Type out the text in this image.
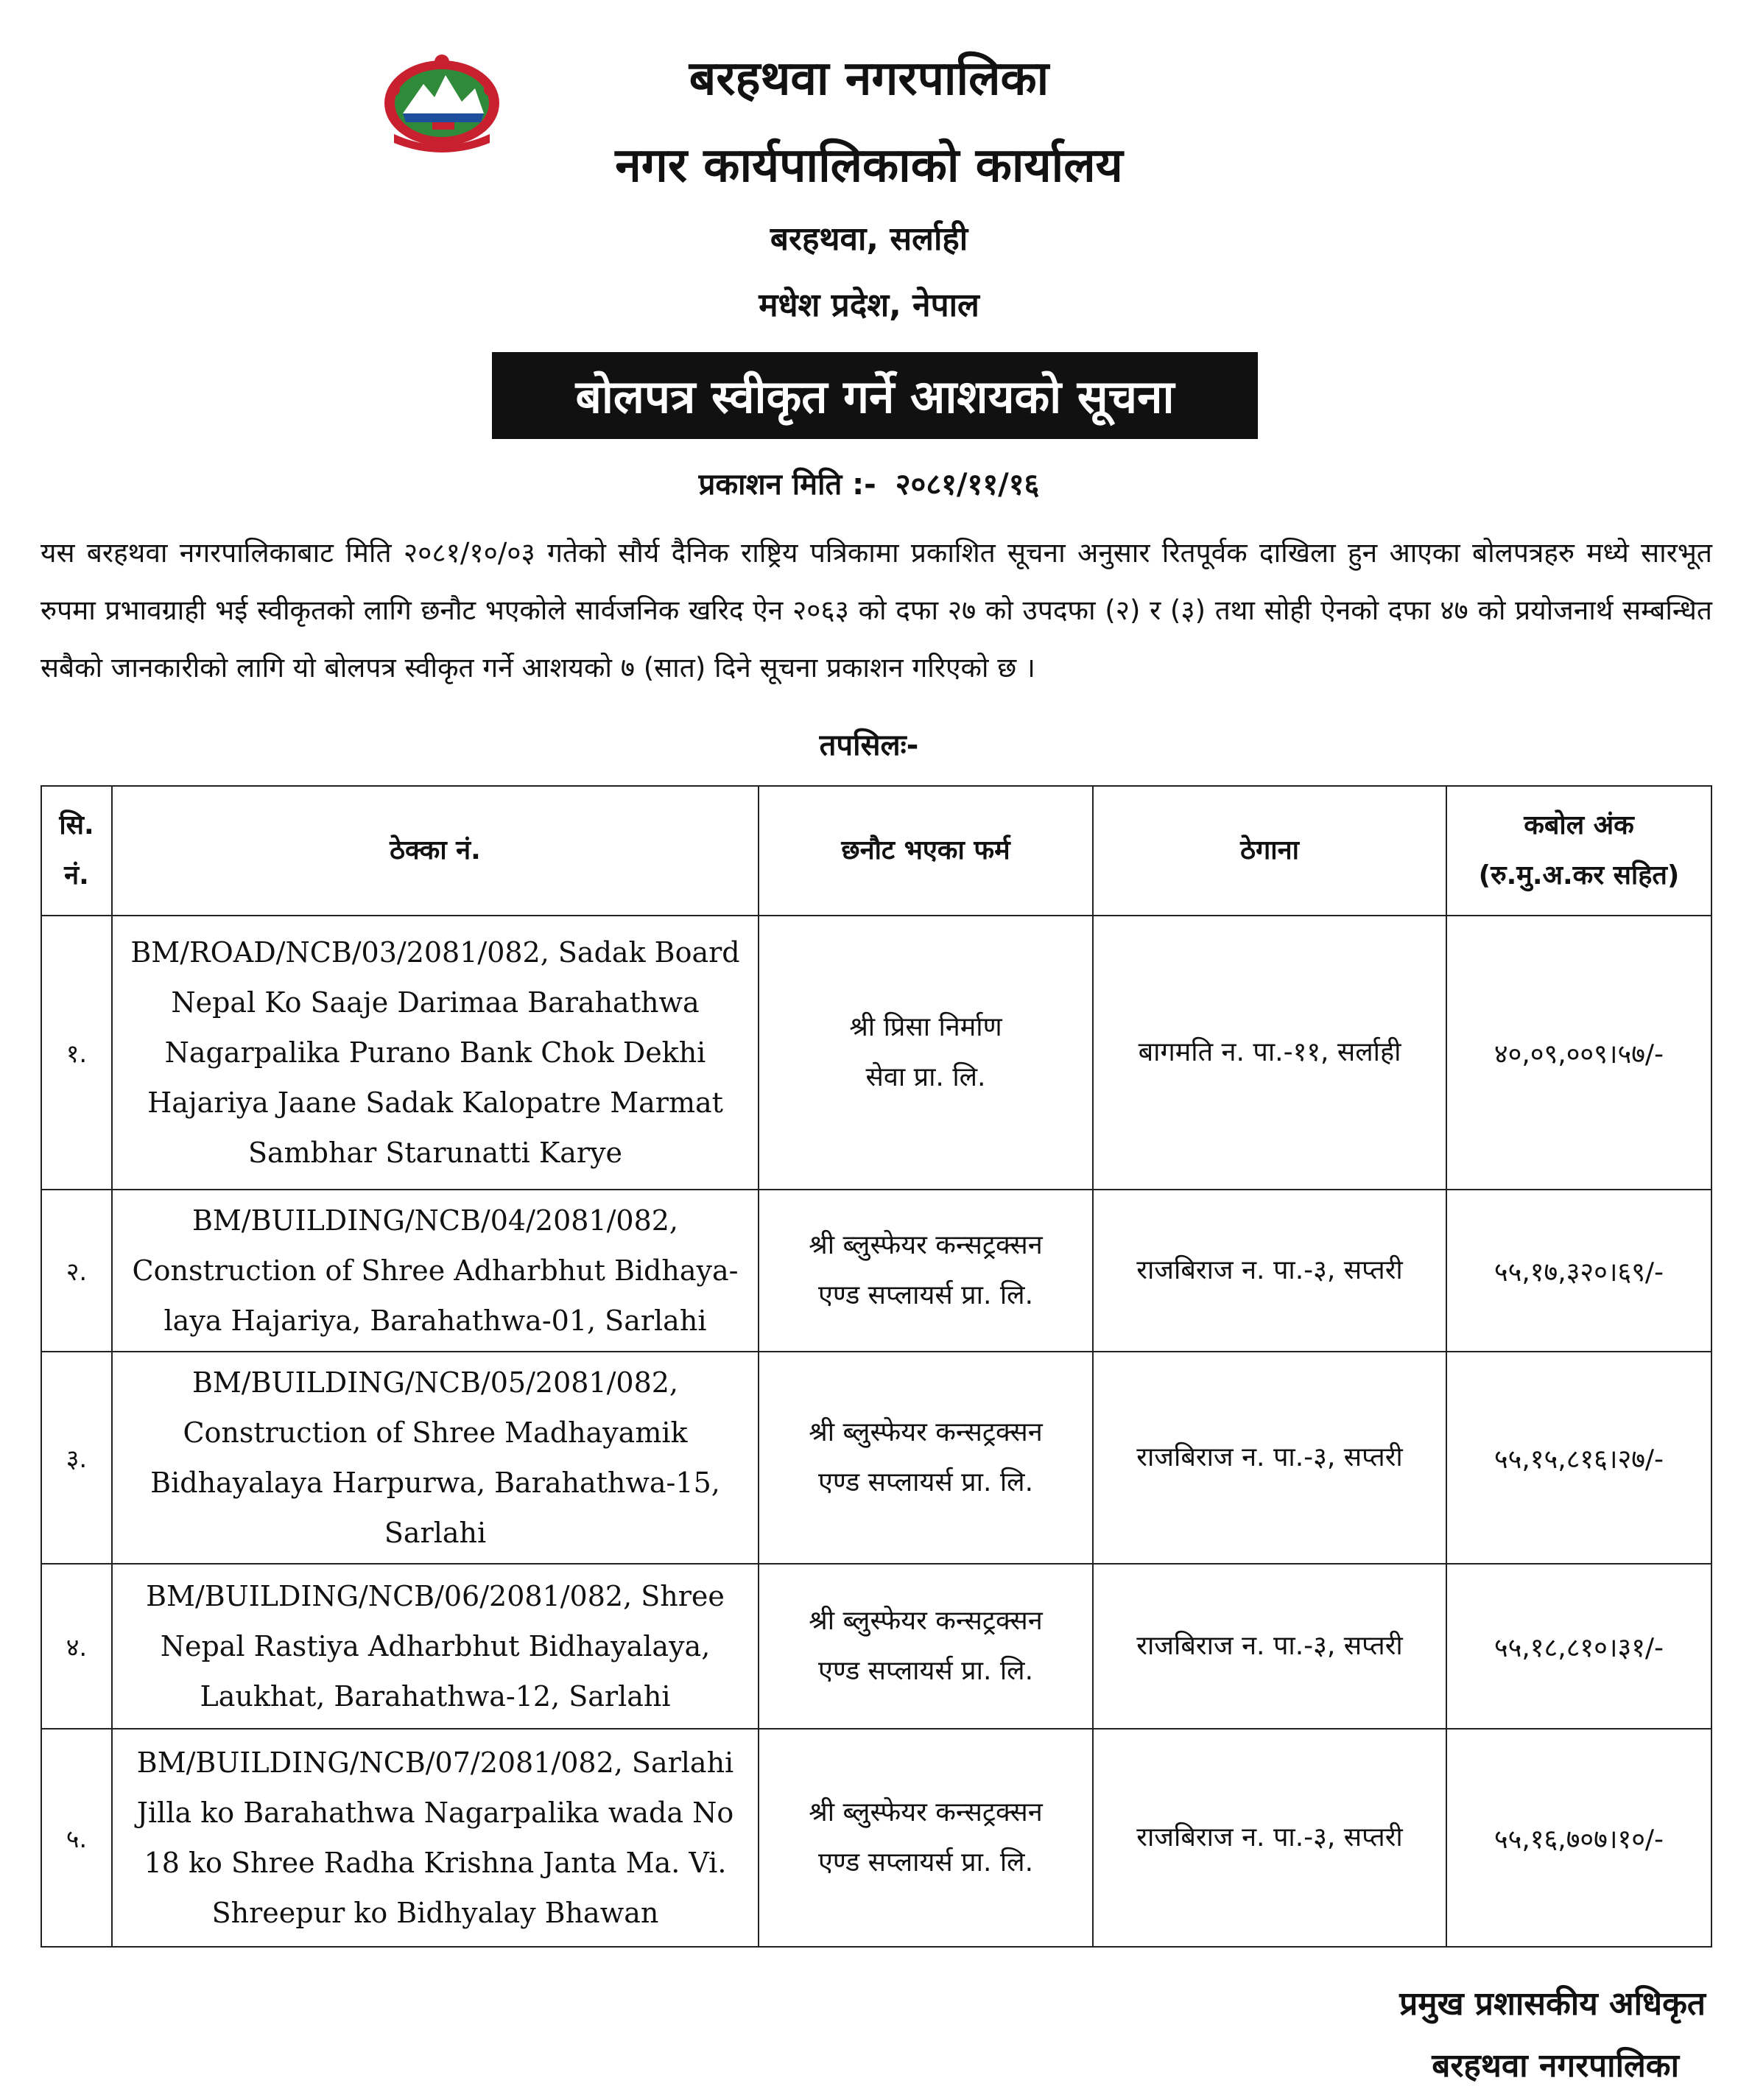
बरहथवा नगरपालिका
नगर कार्यपालिकाको कार्यालय
बरहथवा, सर्लाही
मधेश प्रदेश, नेपाल
बोलपत्र स्वीकृत गर्ने आशयको सूचना
प्रकाशन मिति :- २०८१/११/१६
यस बरहथवा नगरपालिकाबाट मिति २०८१/१०/०३ गतेको सौर्य दैनिक राष्ट्रिय पत्रिकामा प्रकाशित सूचना अनुसार रितपूर्वक दाखिला हुन आएका बोलपत्रहरु मध्ये सारभूत रुपमा प्रभावग्राही भई स्वीकृतको लागि छनौट भएकोले सार्वजनिक खरिद ऐन २०६३ को दफा २७ को उपदफा (२) र (३) तथा सोही ऐनको दफा ४७ को प्रयोजनार्थ सम्बन्धित सबैको जानकारीको लागि यो बोलपत्र स्वीकृत गर्ने आशयको ७ (सात) दिने सूचना प्रकाशन गरिएको छ ।
तपसिलः-
सि.
नं.	ठेक्का नं.	छनौट भएका फर्म	ठेगाना	कबोल अंक
(रु.मु.अ.कर सहित)

१.	BM/ROAD/NCB/03/2081/082, Sadak Board Nepal Ko Saaje Darimaa Barahathwa Nagarpalika Purano Bank Chok Dekhi Hajariya Jaane Sadak Kalopatre Marmat Sambhar Starunatti Karye	श्री प्रिसा निर्माण
सेवा प्रा. लि.	बागमति न. पा.-११, सर्लाही	४०,०९,००९।५७/-
२.	BM/BUILDING/NCB/04/2081/082, Construction of Shree Adharbhut Bidhaya-laya Hajariya, Barahathwa-01, Sarlahi	श्री ब्लुस्फेयर कन्सट्रक्सन
एण्ड सप्लायर्स प्रा. लि.	राजबिराज न. पा.-३, सप्तरी	५५,१७,३२०।६९/-
३.	BM/BUILDING/NCB/05/2081/082, Construction of Shree Madhayamik Bidhayalaya Harpurwa, Barahathwa-15, Sarlahi	श्री ब्लुस्फेयर कन्सट्रक्सन
एण्ड सप्लायर्स प्रा. लि.	राजबिराज न. पा.-३, सप्तरी	५५,१५,८१६।२७/-
४.	BM/BUILDING/NCB/06/2081/082, Shree Nepal Rastiya Adharbhut Bidhayalaya, Laukhat, Barahathwa-12, Sarlahi	श्री ब्लुस्फेयर कन्सट्रक्सन
एण्ड सप्लायर्स प्रा. लि.	राजबिराज न. पा.-३, सप्तरी	५५,१८,८१०।३१/-
५.	BM/BUILDING/NCB/07/2081/082, Sarlahi Jilla ko Barahathwa Nagarpalika wada No 18 ko Shree Radha Krishna Janta Ma. Vi. Shreepur ko Bidhyalay Bhawan	श्री ब्लुस्फेयर कन्सट्रक्सन
एण्ड सप्लायर्स प्रा. लि.	राजबिराज न. पा.-३, सप्तरी	५५,१६,७०७।१०/-
प्रमुख प्रशासकीय अधिकृत
बरहथवा नगरपालिका
